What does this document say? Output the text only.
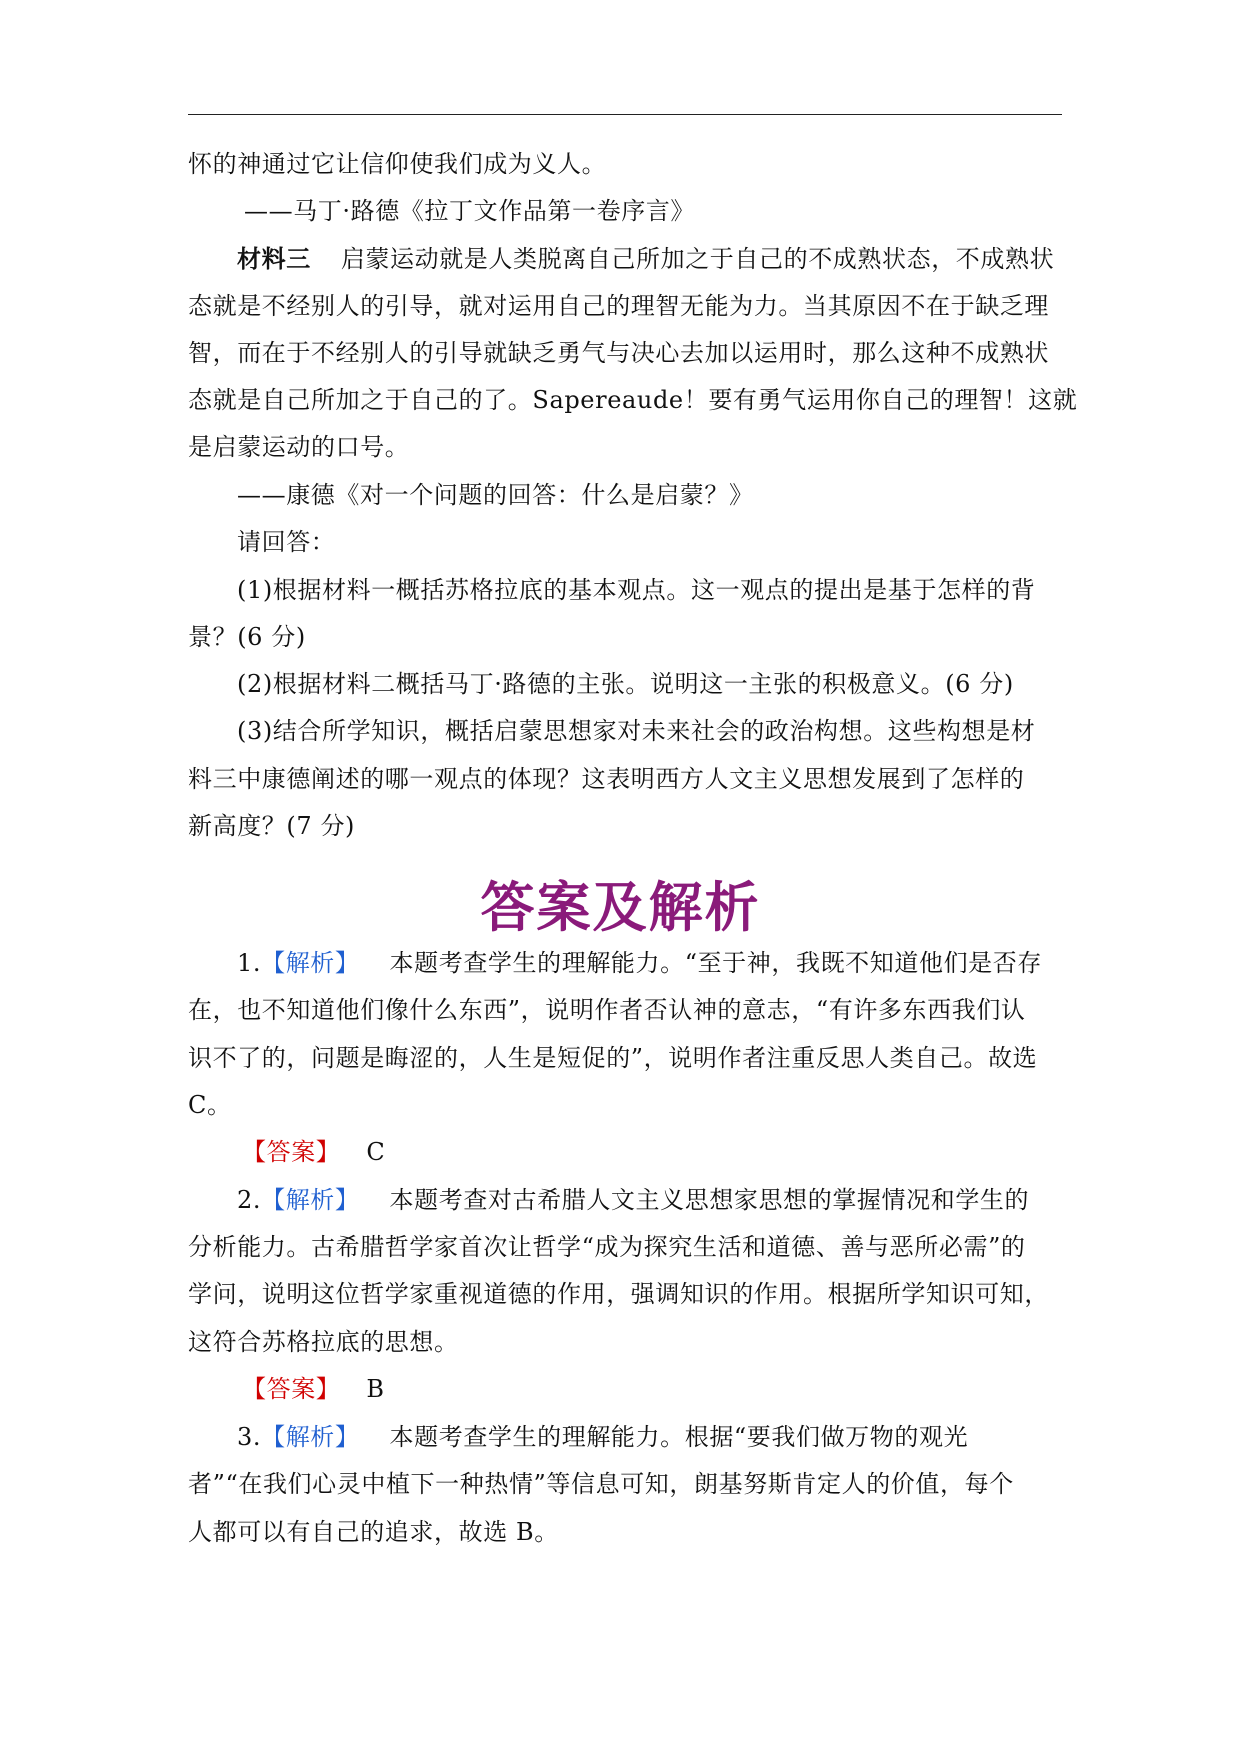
怀的神通过它让信仰使我们成为义人。
——马丁·路德《拉丁文作品第一卷序言》
材料三 启蒙运动就是人类脱离自己所加之于自己的不成熟状态，不成熟状
态就是不经别人的引导，就对运用自己的理智无能为力。当其原因不在于缺乏理
智，而在于不经别人的引导就缺乏勇气与决心去加以运用时，那么这种不成熟状
态就是自己所加之于自己的了。Sapereaude！要有勇气运用你自己的理智！这就
是启蒙运动的口号。
——康德《对一个问题的回答：什么是启蒙？》
请回答：
(1)根据材料一概括苏格拉底的基本观点。这一观点的提出是基于怎样的背
景？(6 分)
(2)根据材料二概括马丁·路德的主张。说明这一主张的积极意义。(6 分)
(3)结合所学知识，概括启蒙思想家对未来社会的政治构想。这些构想是材
料三中康德阐述的哪一观点的体现？这表明西方人文主义思想发展到了怎样的
新高度？(7 分)
答案及解析
1.【解析】 本题考查学生的理解能力。“至于神，我既不知道他们是否存
在，也不知道他们像什么东西”，说明作者否认神的意志，“有许多东西我们认
识不了的，问题是晦涩的，人生是短促的”，说明作者注重反思人类自己。故选
C。
【答案】 C
2.【解析】 本题考查对古希腊人文主义思想家思想的掌握情况和学生的
分析能力。古希腊哲学家首次让哲学“成为探究生活和道德、善与恶所必需”的
学问，说明这位哲学家重视道德的作用，强调知识的作用。根据所学知识可知，
这符合苏格拉底的思想。
【答案】 B
3.【解析】 本题考查学生的理解能力。根据“要我们做万物的观光
者”“在我们心灵中植下一种热情”等信息可知，朗基努斯肯定人的价值，每个
人都可以有自己的追求，故选 B。
